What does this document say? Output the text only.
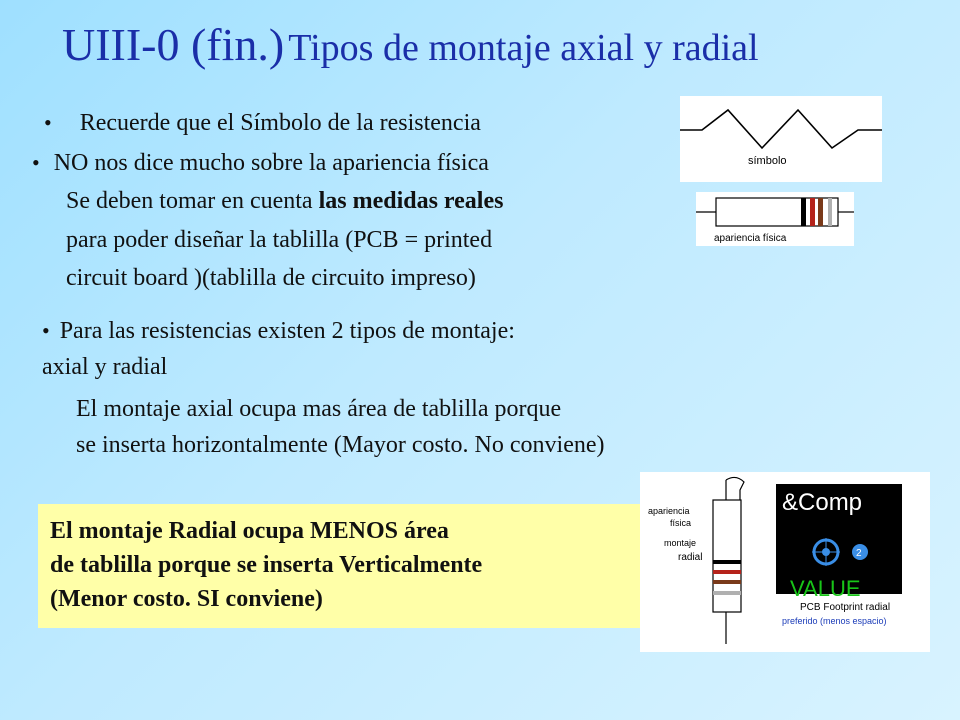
UIII-0 (fin.) Tipos de montaje axial y radial
• Recuerde que el Símbolo de la resistencia
• NO nos dice mucho sobre la apariencia física
Se deben tomar en cuenta las medidas reales
para poder diseñar la tablilla (PCB = printed
circuit board )(tablilla de circuito impreso)
• Para las resistencias existen 2 tipos de montaje:
axial y radial
El montaje axial ocupa mas área de tablilla porque
se inserta horizontalmente (Mayor costo. No conviene)
El montaje Radial ocupa MENOS área
de tablilla porque se inserta Verticalmente
(Menor costo. SI conviene)
símbolo
apariencia física
apariencia
física
montaje
radial
&Comp
2
VALUE
PCB Footprint radial
preferido (menos espacio)
